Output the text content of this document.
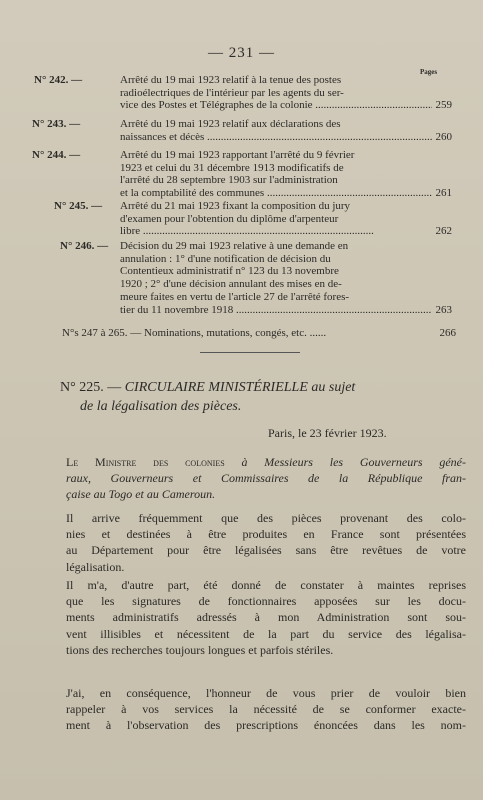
— 231 —
Pages
N° 242. —	Arrêté du 19 mai 1923 relatif à la tenue des postes
radioélectriques de l'intérieur par les agents du ser-
vice des Postes et Télégraphes de la colonie .....	259
N° 243. —	Arrêté du 19 mai 1923 relatif aux déclarations des
naissances et décès .....	260
N° 244. —	Arrêté du 19 mai 1923 rapportant l'arrêté du 9 février
1923 et celui du 31 décembre 1913 modificatifs de
l'arrêté du 28 septembre 1903 sur l'administration
et la comptabilité des communes .....	261
N° 245. — Arrêté du 21 mai 1923 fixant la composition du jury
d'examen pour l'obtention du diplôme d'arpenteur
libre .....	262
N° 246. — Décision du 29 mai 1923 relative à une demande en
annulation : 1° d'une notification de décision du
Contentieux administratif n° 123 du 13 novembre
1920 ; 2° d'une décision annulant des mises en de-
meure faites en vertu de l'article 27 de l'arrêté fores-
tier du 11 novembre 1918 .....	263
N°s 247 à 265. — Nominations, mutations, congés, etc. ......	266
N° 225. — CIRCULAIRE MINISTÉRIELLE au sujet
de la légalisation des pièces.
Paris, le 23 février 1923.
Le Ministre des colonies à Messieurs les Gouverneurs géné-
raux, Gouverneurs et Commissaires de la République fran-
çaise au Togo et au Cameroun.
Il arrive fréquemment que des pièces provenant des colo-
nies et destinées à être produites en France sont présentées
au Département pour être légalisées sans être revêtues de votre
légalisation.
Il m'a, d'autre part, été donné de constater à maintes reprises
que les signatures de fonctionnaires apposées sur les docu-
ments administratifs adressés à mon Administration sont sou-
vent illisibles et nécessitent de la part du service des légalisa-
tions des recherches toujours longues et parfois stériles.
J'ai, en conséquence, l'honneur de vous prier de vouloir bien
rappeler à vos services la nécessité de se conformer exacte-
ment à l'observation des prescriptions énoncées dans les nom-
